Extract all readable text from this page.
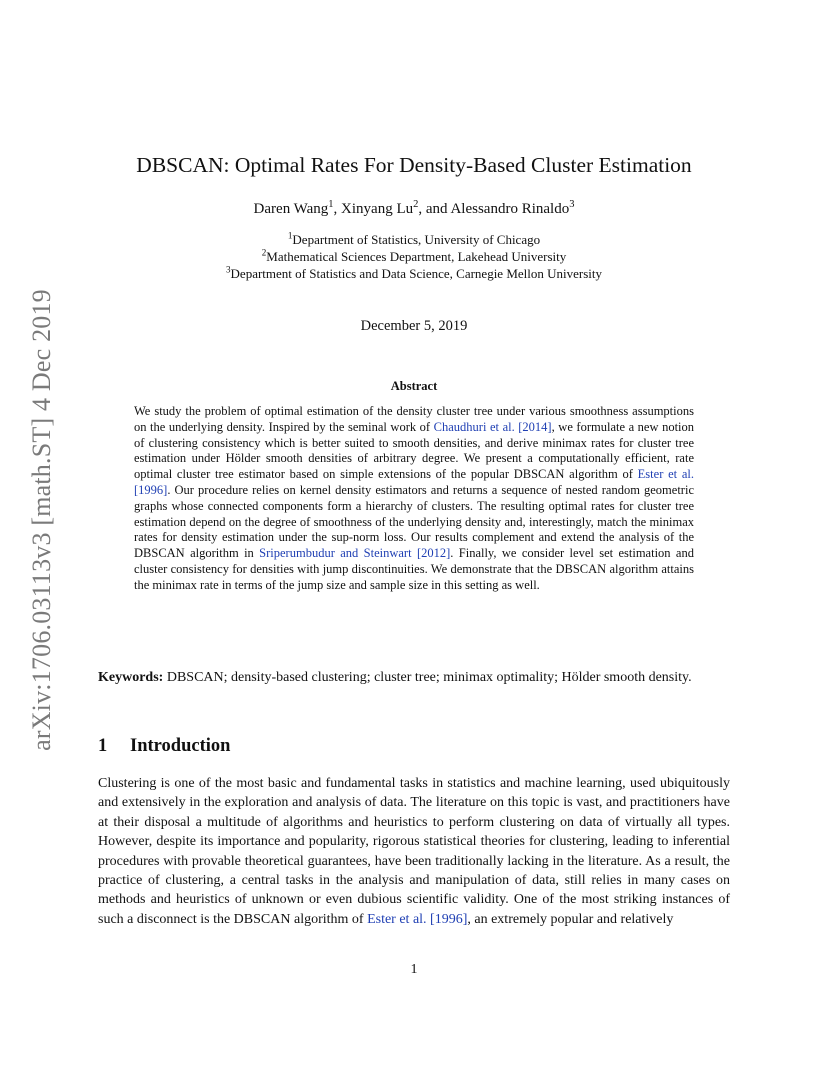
arXiv:1706.03113v3 [math.ST] 4 Dec 2019
DBSCAN: Optimal Rates For Density-Based Cluster Estimation
Daren Wang$^1$, Xinyang Lu$^2$, and Alessandro Rinaldo$^3$
$^1$Department of Statistics, University of Chicago
$^2$Mathematical Sciences Department, Lakehead University
$^3$Department of Statistics and Data Science, Carnegie Mellon University
December 5, 2019
Abstract
We study the problem of optimal estimation of the density cluster tree under various smoothness assumptions on the underlying density. Inspired by the seminal work of Chaudhuri et al. [2014], we formulate a new notion of clustering consistency which is better suited to smooth densities, and derive minimax rates for cluster tree estimation under Hölder smooth densities of arbitrary degree. We present a computationally efficient, rate optimal cluster tree estimator based on simple extensions of the popular DBSCAN algorithm of Ester et al. [1996]. Our procedure relies on kernel density estimators and returns a sequence of nested random geometric graphs whose connected components form a hierarchy of clusters. The resulting optimal rates for cluster tree estimation depend on the degree of smoothness of the underlying density and, interestingly, match the minimax rates for density estimation under the sup-norm loss. Our results complement and extend the analysis of the DBSCAN algorithm in Sriperumbudur and Steinwart [2012]. Finally, we consider level set estimation and cluster consistency for densities with jump discontinuities. We demonstrate that the DBSCAN algorithm attains the minimax rate in terms of the jump size and sample size in this setting as well.
Keywords: DBSCAN; density-based clustering; cluster tree; minimax optimality; Hölder smooth density.
1 Introduction
Clustering is one of the most basic and fundamental tasks in statistics and machine learning, used ubiquitously and extensively in the exploration and analysis of data. The literature on this topic is vast, and practitioners have at their disposal a multitude of algorithms and heuristics to perform clustering on data of virtually all types. However, despite its importance and popularity, rigorous statistical theories for clustering, leading to inferential procedures with provable theoretical guarantees, have been traditionally lacking in the literature. As a result, the practice of clustering, a central tasks in the analysis and manipulation of data, still relies in many cases on methods and heuristics of unknown or even dubious scientific validity. One of the most striking instances of such a disconnect is the DBSCAN algorithm of Ester et al. [1996], an extremely popular and relatively
1
